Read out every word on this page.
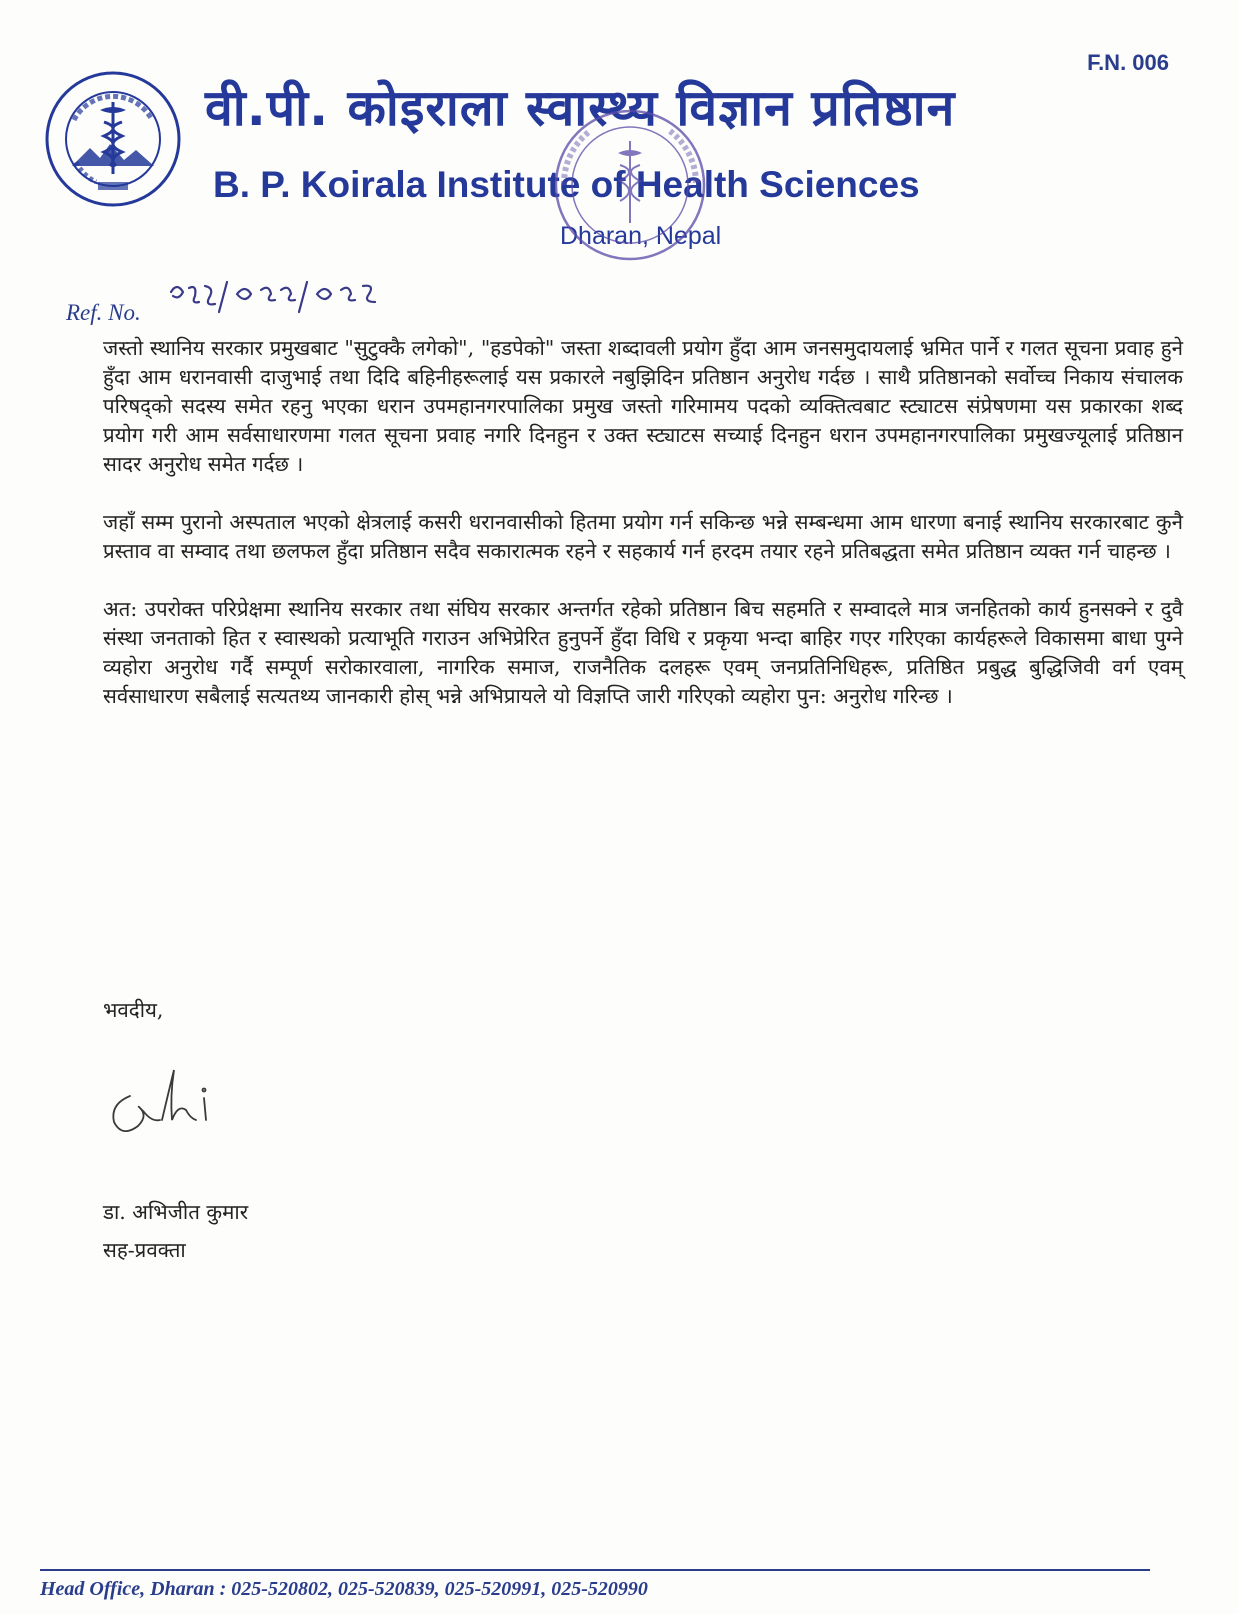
F.N. 006
वी.पी. कोइराला स्वास्थ्य विज्ञान प्रतिष्ठान
B. P. Koirala Institute of Health Sciences
Dharan, Nepal
Ref. No.

जस्तो स्थानिय सरकार प्रमुखबाट "सुटुक्कै लगेको", "हडपेको" जस्ता शब्दावली प्रयोग हुँदा आम जनसमुदायलाई भ्रमित पार्ने र गलत सूचना प्रवाह हुने हुँदा आम धरानवासी दाजुभाई तथा दिदि बहिनीहरूलाई यस प्रकारले नबुझिदिन प्रतिष्ठान अनुरोध गर्दछ । साथै प्रतिष्ठानको सर्वोच्च निकाय संचालक परिषद्को सदस्य समेत रहनु भएका धरान उपमहानगरपालिका प्रमुख जस्तो गरिमामय पदको व्यक्तित्वबाट स्ट्याटस संप्रेषणमा यस प्रकारका शब्द प्रयोग गरी आम सर्वसाधारणमा गलत सूचना प्रवाह नगरि दिनहुन र उक्त स्ट्याटस सच्याई दिनहुन धरान उपमहानगरपालिका प्रमुखज्यूलाई प्रतिष्ठान सादर अनुरोध समेत गर्दछ ।

जहाँ सम्म पुरानो अस्पताल भएको क्षेत्रलाई कसरी धरानवासीको हितमा प्रयोग गर्न सकिन्छ भन्ने सम्बन्धमा आम धारणा बनाई स्थानिय सरकारबाट कुनै प्रस्ताव वा सम्वाद तथा छलफल हुँदा प्रतिष्ठान सदैव सकारात्मक रहने र सहकार्य गर्न हरदम तयार रहने प्रतिबद्धता समेत प्रतिष्ठान व्यक्त गर्न चाहन्छ ।

अत: उपरोक्त परिप्रेक्षमा स्थानिय सरकार तथा संघिय सरकार अन्तर्गत रहेको प्रतिष्ठान बिच सहमति र सम्वादले मात्र जनहितको कार्य हुनसक्ने र दुवै संस्था जनताको हित र स्वास्थको प्रत्याभूति गराउन अभिप्रेरित हुनुपर्ने हुँदा विधि र प्रकृया भन्दा बाहिर गएर गरिएका कार्यहरूले विकासमा बाधा पुग्ने व्यहोरा अनुरोध गर्दै सम्पूर्ण सरोकारवाला, नागरिक समाज, राजनैतिक दलहरू एवम् जनप्रतिनिधिहरू, प्रतिष्ठित प्रबुद्ध बुद्धिजिवी वर्ग एवम् सर्वसाधारण सबैलाई सत्यतथ्य जानकारी होस् भन्ने अभिप्रायले यो विज्ञप्ति जारी गरिएको व्यहोरा पुन: अनुरोध गरिन्छ ।

भवदीय,
डा. अभिजीत कुमार
सह-प्रवक्ता
Head Office, Dharan : 025-520802, 025-520839, 025-520991, 025-520990
